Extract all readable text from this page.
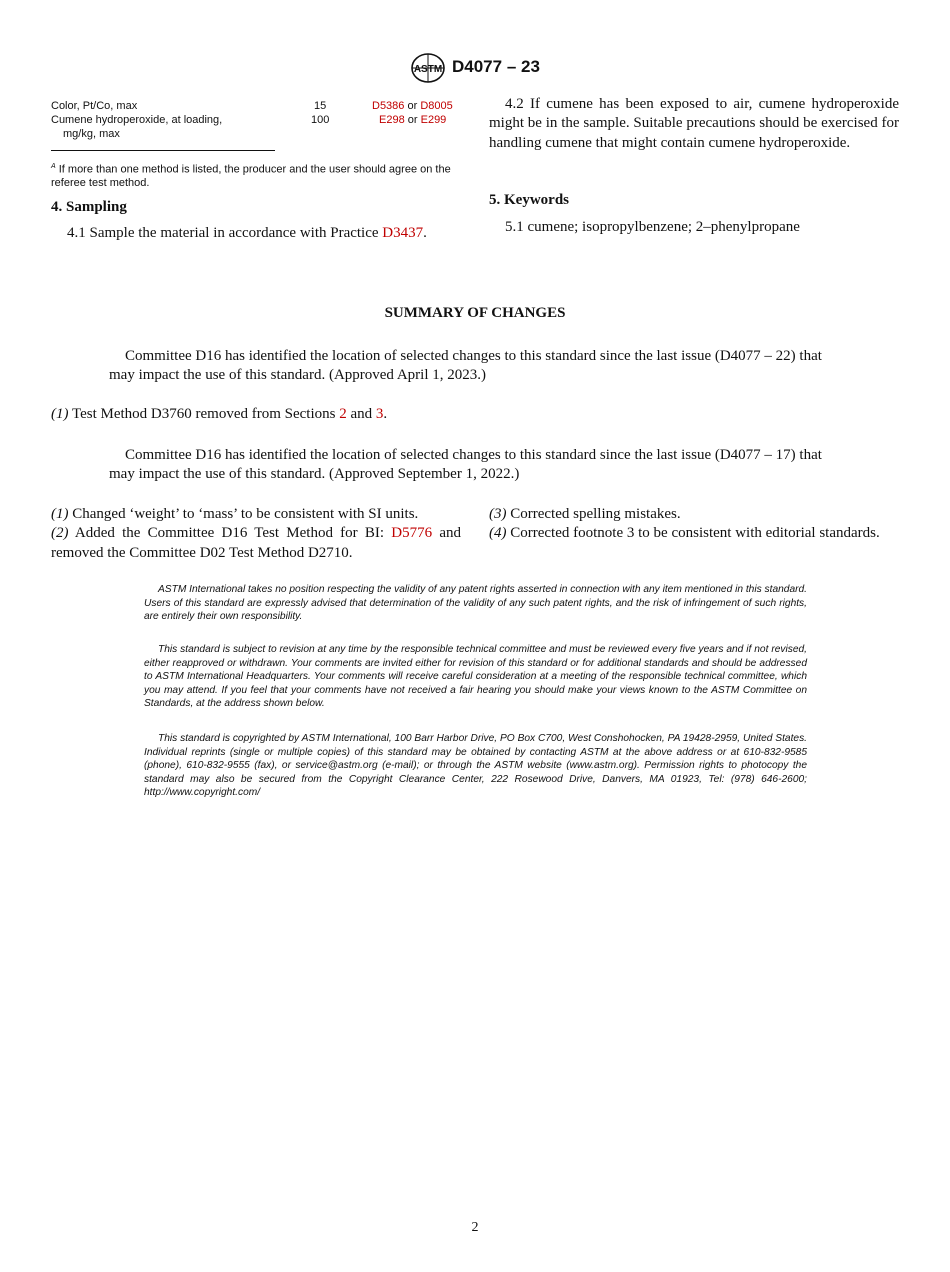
ASTM D4077 – 23
Color, Pt/Co, max	15	D5386 or D8005
Cumene hydroperoxide, at loading,
mg/kg, max
100	E298 or E299
$^A$ If more than one method is listed, the producer and the user should agree on the referee test method.
4. Sampling
4.1 Sample the material in accordance with Practice D3437.
4.2 If cumene has been exposed to air, cumene hydroperoxide might be in the sample. Suitable precautions should be exercised for handling cumene that might contain cumene hydroperoxide.
5. Keywords
5.1 cumene; isopropylbenzene; 2–phenylpropane
SUMMARY OF CHANGES
Committee D16 has identified the location of selected changes to this standard since the last issue (D4077 – 22) that may impact the use of this standard. (Approved April 1, 2023.)
(1) Test Method D3760 removed from Sections 2 and 3.
Committee D16 has identified the location of selected changes to this standard since the last issue (D4077 – 17) that may impact the use of this standard. (Approved September 1, 2022.)
(1) Changed ‘weight’ to ‘mass’ to be consistent with SI units.
(2) Added the Committee D16 Test Method for BI: D5776 and removed the Committee D02 Test Method D2710.
(3) Corrected spelling mistakes.
(4) Corrected footnote 3 to be consistent with editorial standards.
ASTM International takes no position respecting the validity of any patent rights asserted in connection with any item mentioned in this standard. Users of this standard are expressly advised that determination of the validity of any such patent rights, and the risk of infringement of such rights, are entirely their own responsibility.
This standard is subject to revision at any time by the responsible technical committee and must be reviewed every five years and if not revised, either reapproved or withdrawn. Your comments are invited either for revision of this standard or for additional standards and should be addressed to ASTM International Headquarters. Your comments will receive careful consideration at a meeting of the responsible technical committee, which you may attend. If you feel that your comments have not received a fair hearing you should make your views known to the ASTM Committee on Standards, at the address shown below.
This standard is copyrighted by ASTM International, 100 Barr Harbor Drive, PO Box C700, West Conshohocken, PA 19428-2959, United States. Individual reprints (single or multiple copies) of this standard may be obtained by contacting ASTM at the above address or at 610-832-9585 (phone), 610-832-9555 (fax), or service@astm.org (e-mail); or through the ASTM website (www.astm.org). Permission rights to photocopy the standard may also be secured from the Copyright Clearance Center, 222 Rosewood Drive, Danvers, MA 01923, Tel: (978) 646-2600; http://www.copyright.com/
2
